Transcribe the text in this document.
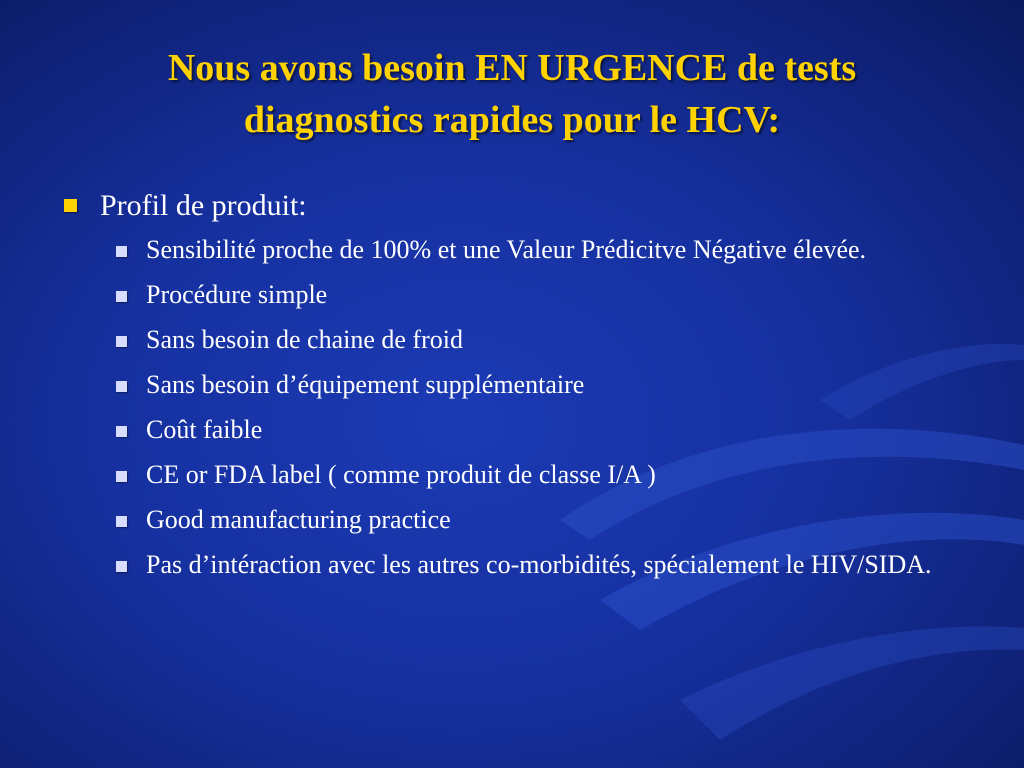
Nous avons besoin EN URGENCE de tests
diagnostics rapides pour le HCV:
Profil de produit:
Sensibilité proche de 100% et une Valeur Prédicitve Négative élevée.
Procédure simple
Sans besoin de chaine de froid
Sans besoin d’équipement supplémentaire
Coût faible
CE or FDA label ( comme produit de classe I/A )
Good manufacturing practice
Pas d’intéraction avec les autres co-morbidités, spécialement le HIV/SIDA.
